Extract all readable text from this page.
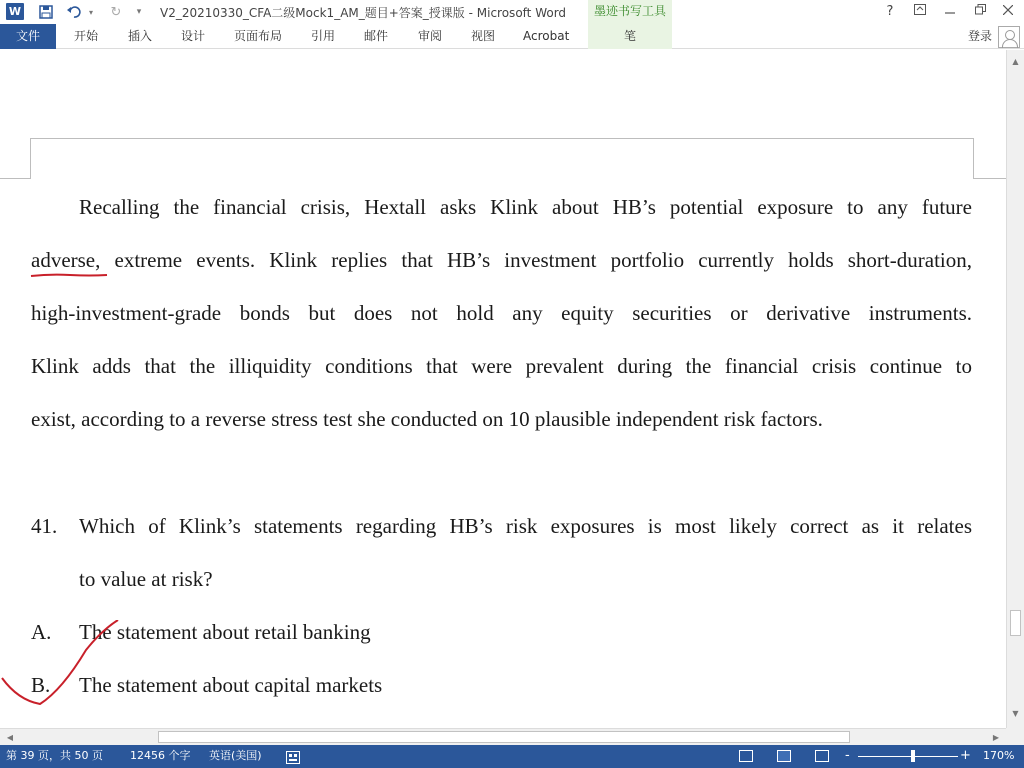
W	▾	↻	▾	V2_20210330_CFA二级Mock1_AM_题目+答案_授课版 - Microsoft Word	墨迹书写工具	?
文件	开始 插入 设计 页面布局 引用 邮件 审阅 视图 Acrobat	笔	登录
Recalling the financial crisis, Hextall asks Klink about HB’s potential exposure to any future
adverse, extreme events. Klink replies that HB’s investment portfolio currently holds short-duration,
high-investment-grade bonds but does not hold any equity securities or derivative instruments.
Klink adds that the illiquidity conditions that were prevalent during the financial crisis continue to
exist, according to a reverse stress test she conducted on 10 plausible independent risk factors.
41. Which of Klink’s statements regarding HB’s risk exposures is most likely correct as it relates
to value at risk?
A. The statement about retail banking
B. The statement about capital markets
▲
▼
◀	▶
第 39 页，共 50 页 12456 个字 英语(美国)	-	+ 170%
